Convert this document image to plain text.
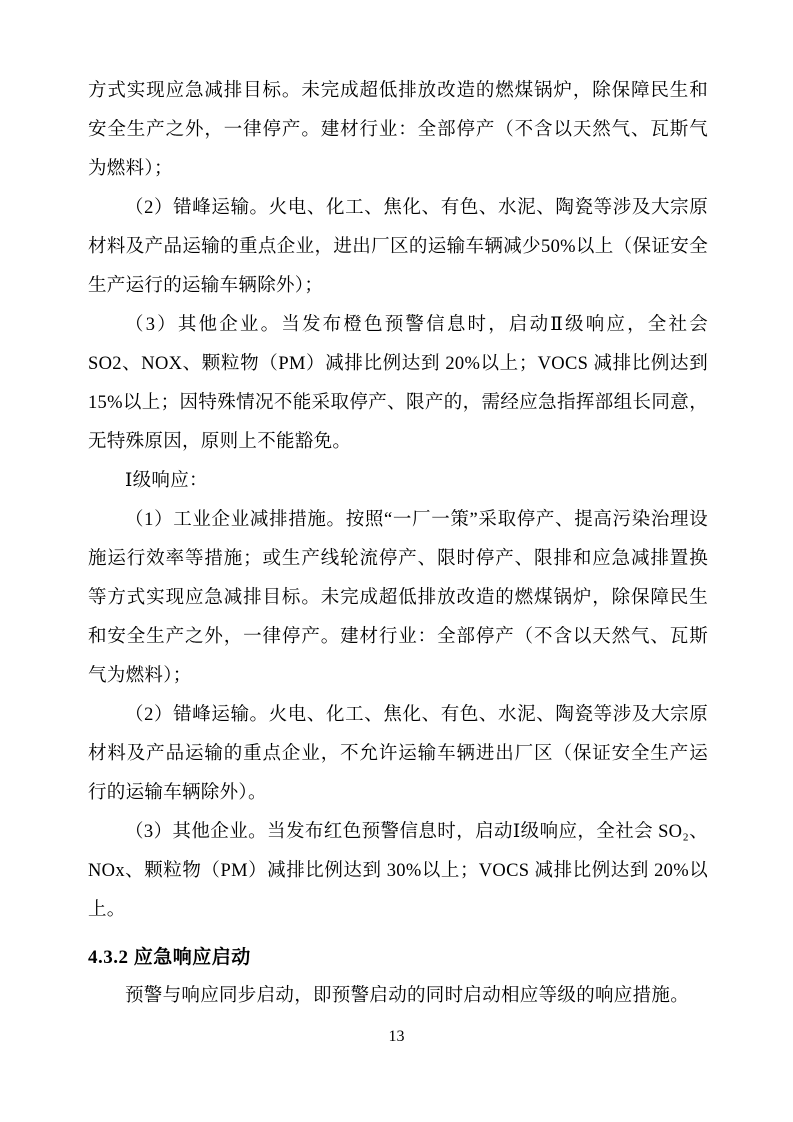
方式实现应急减排目标。未完成超低排放改造的燃煤锅炉，除保障民生和安全生产之外，一律停产。建材行业：全部停产（不含以天然气、瓦斯气为燃料）；

（2）错峰运输。火电、化工、焦化、有色、水泥、陶瓷等涉及大宗原材料及产品运输的重点企业，进出厂区的运输车辆减少50%以上（保证安全生产运行的运输车辆除外）；

（3）其他企业。当发布橙色预警信息时，启动Ⅱ级响应，全社会 SO2、NOX、颗粒物（PM）减排比例达到 20%以上；VOCS 减排比例达到 15%以上；因特殊情况不能采取停产、限产的，需经应急指挥部组长同意，无特殊原因，原则上不能豁免。

Ⅰ级响应：

（1）工业企业减排措施。按照“一厂一策”采取停产、提高污染治理设施运行效率等措施；或生产线轮流停产、限时停产、限排和应急减排置换等方式实现应急减排目标。未完成超低排放改造的燃煤锅炉，除保障民生和安全生产之外，一律停产。建材行业：全部停产（不含以天然气、瓦斯气为燃料）；

（2）错峰运输。火电、化工、焦化、有色、水泥、陶瓷等涉及大宗原材料及产品运输的重点企业，不允许运输车辆进出厂区（保证安全生产运行的运输车辆除外）。

（3）其他企业。当发布红色预警信息时，启动Ⅰ级响应，全社会 SO₂、NOx、颗粒物（PM）减排比例达到 30%以上；VOCS 减排比例达到 20%以上。

4.3.2 应急响应启动

预警与响应同步启动，即预警启动的同时启动相应等级的响应措施。

13
